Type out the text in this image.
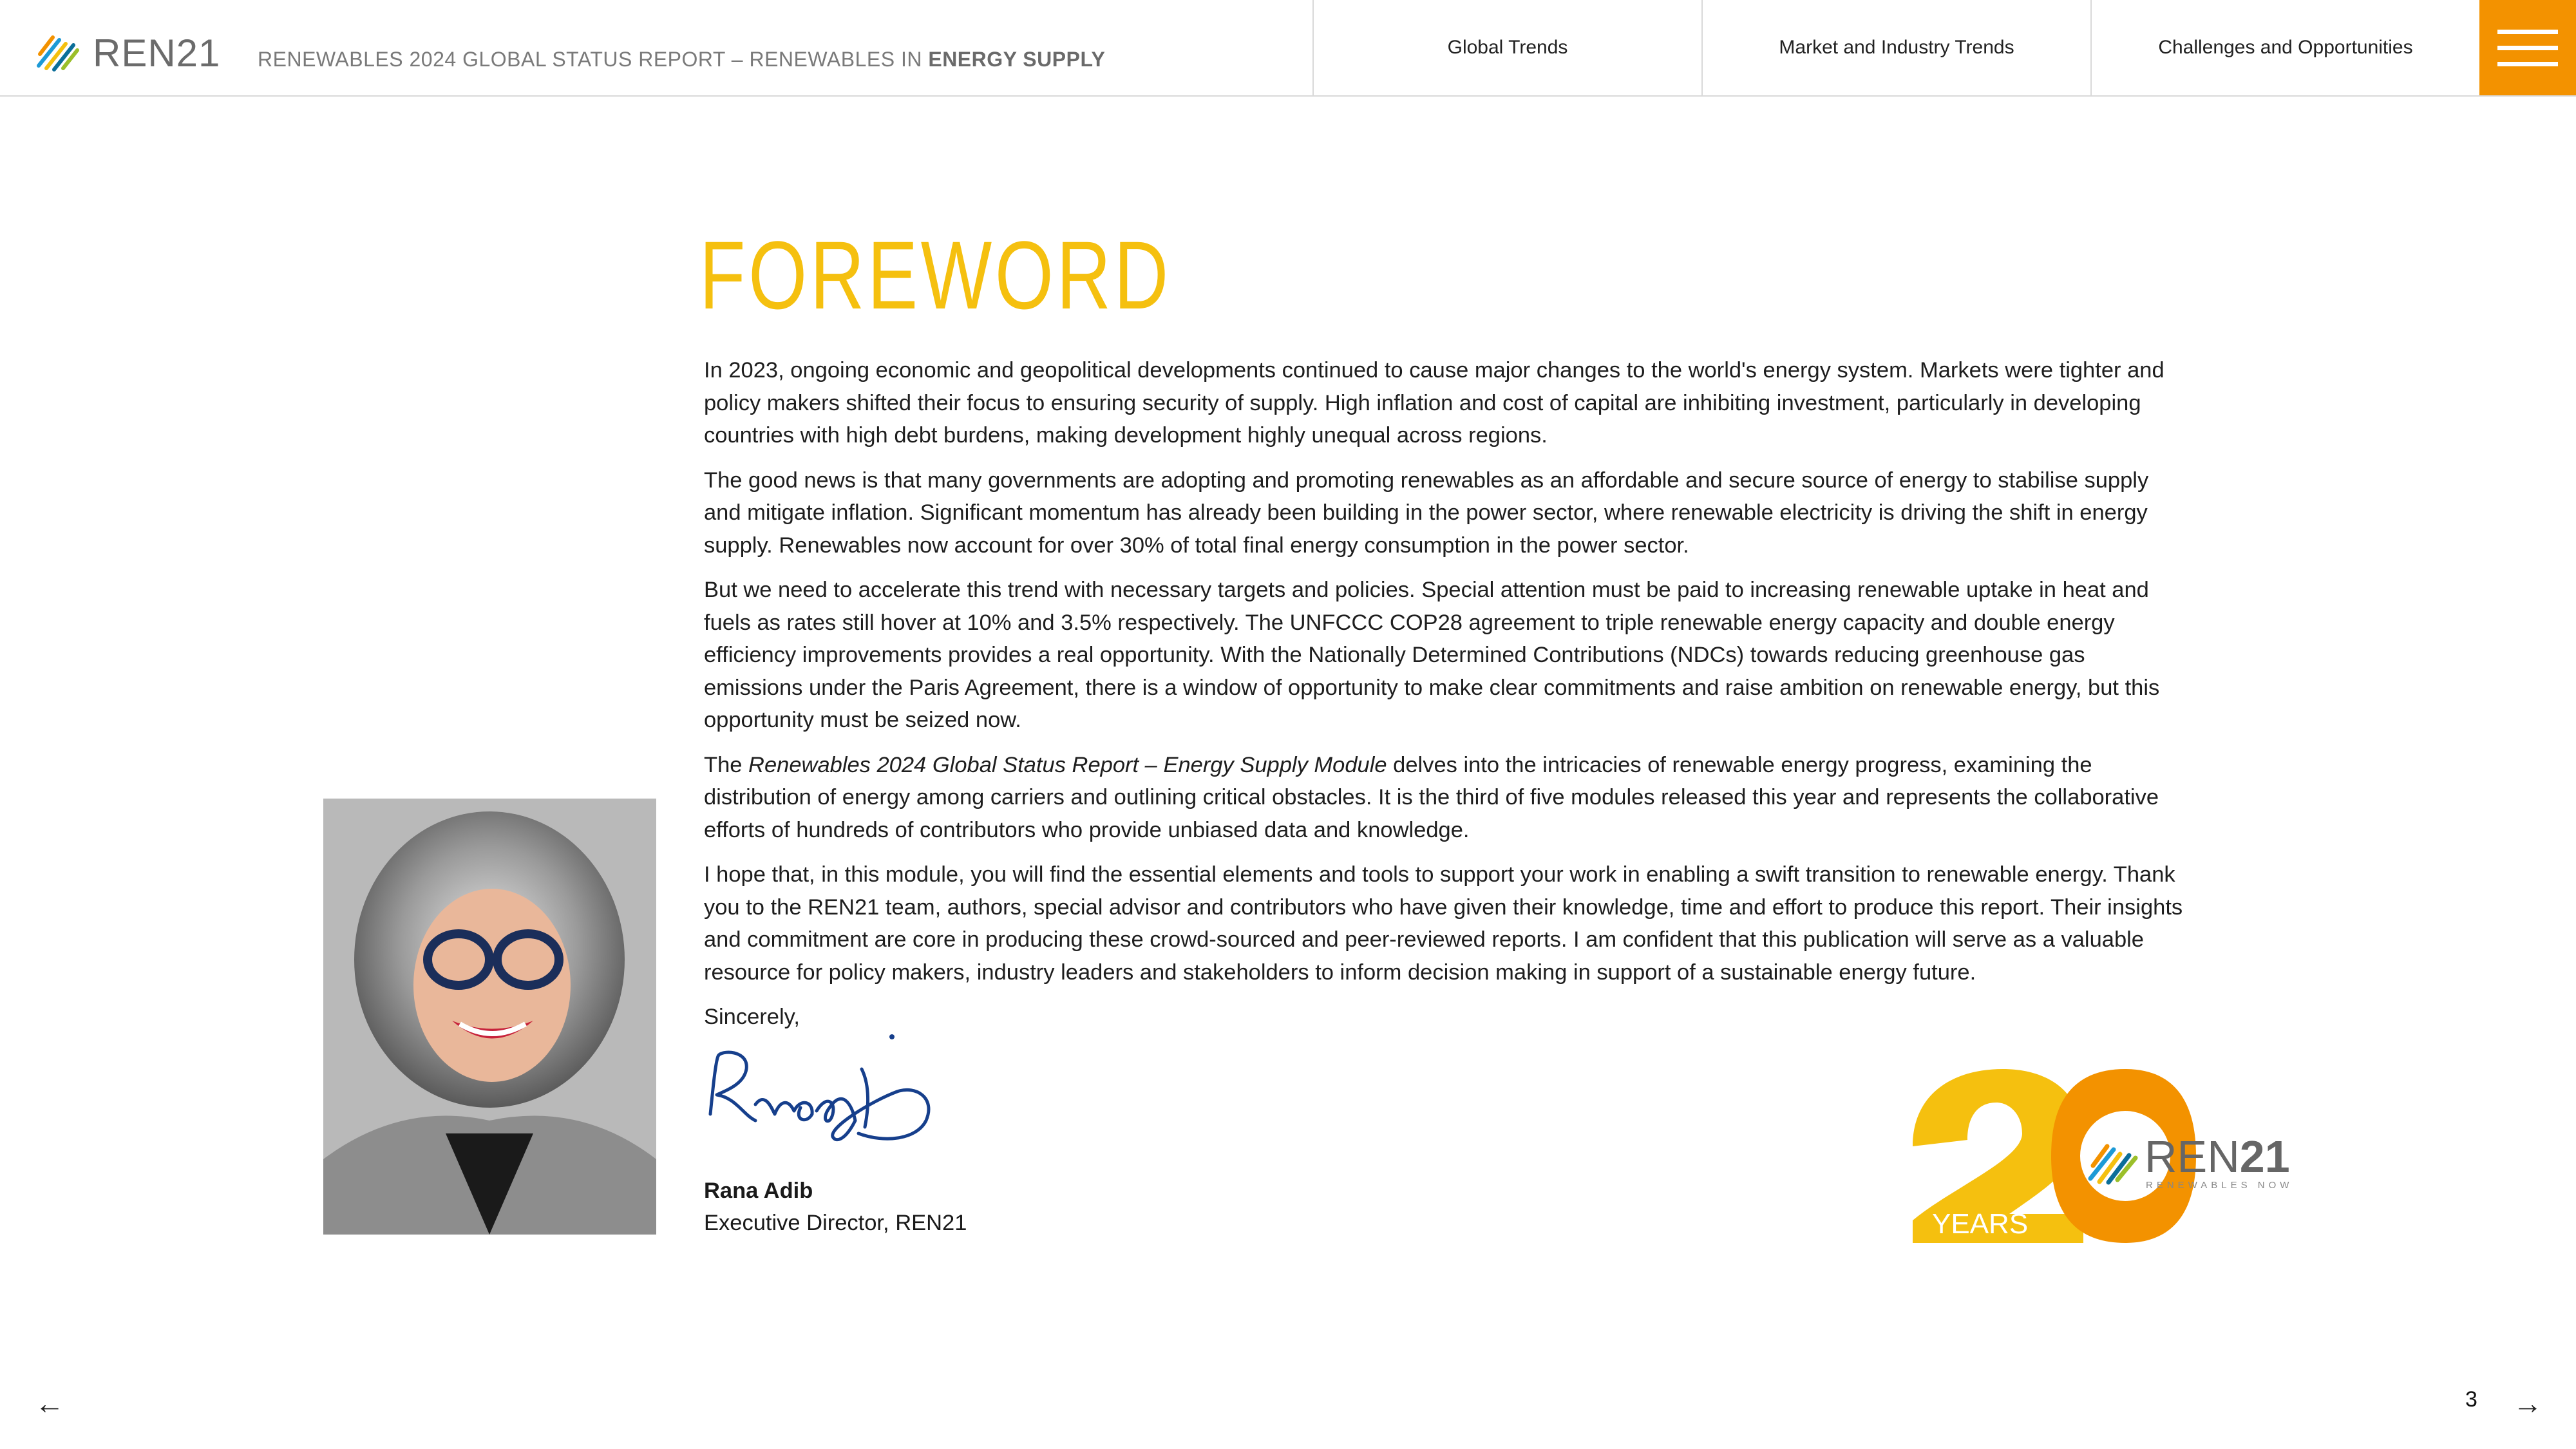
REN21 RENEWABLES 2024 GLOBAL STATUS REPORT – RENEWABLES IN ENERGY SUPPLY
Global Trends	Market and Industry Trends	Challenges and Opportunities
FOREWORD

In 2023, ongoing economic and geopolitical developments continued to cause major changes to the world's energy system. Markets were tighter and policy makers shifted their focus to ensuring security of supply. High inflation and cost of capital are inhibiting investment, particularly in developing countries with high debt burdens, making development highly unequal across regions.

The good news is that many governments are adopting and promoting renewables as an affordable and secure source of energy to stabilise supply and mitigate inflation. Significant momentum has already been building in the power sector, where renewable electricity is driving the shift in energy supply. Renewables now account for over 30% of total final energy consumption in the power sector.

But we need to accelerate this trend with necessary targets and policies. Special attention must be paid to increasing renewable uptake in heat and fuels as rates still hover at 10% and 3.5% respectively. The UNFCCC COP28 agreement to triple renewable energy capacity and double energy efficiency improvements provides a real opportunity. With the Nationally Determined Contributions (NDCs) towards reducing greenhouse gas emissions under the Paris Agreement, there is a window of opportunity to make clear commitments and raise ambition on renewable energy, but this opportunity must be seized now.

The Renewables 2024 Global Status Report – Energy Supply Module delves into the intricacies of renewable energy progress, examining the distribution of energy among carriers and outlining critical obstacles. It is the third of five modules released this year and represents the collaborative efforts of hundreds of contributors who provide unbiased data and knowledge.

I hope that, in this module, you will find the essential elements and tools to support your work in enabling a swift transition to renewable energy. Thank you to the REN21 team, authors, special advisor and contributors who have given their knowledge, time and effort to produce this report. Their insights and commitment are core in producing these crowd-sourced and peer-reviewed reports. I am confident that this publication will serve as a valuable resource for policy makers, industry leaders and stakeholders to inform decision making in support of a sustainable energy future.

Sincerely,

Rana Adib
Executive Director, REN21	YEARS
REN21
RENEWABLES NOW
←	3 →
